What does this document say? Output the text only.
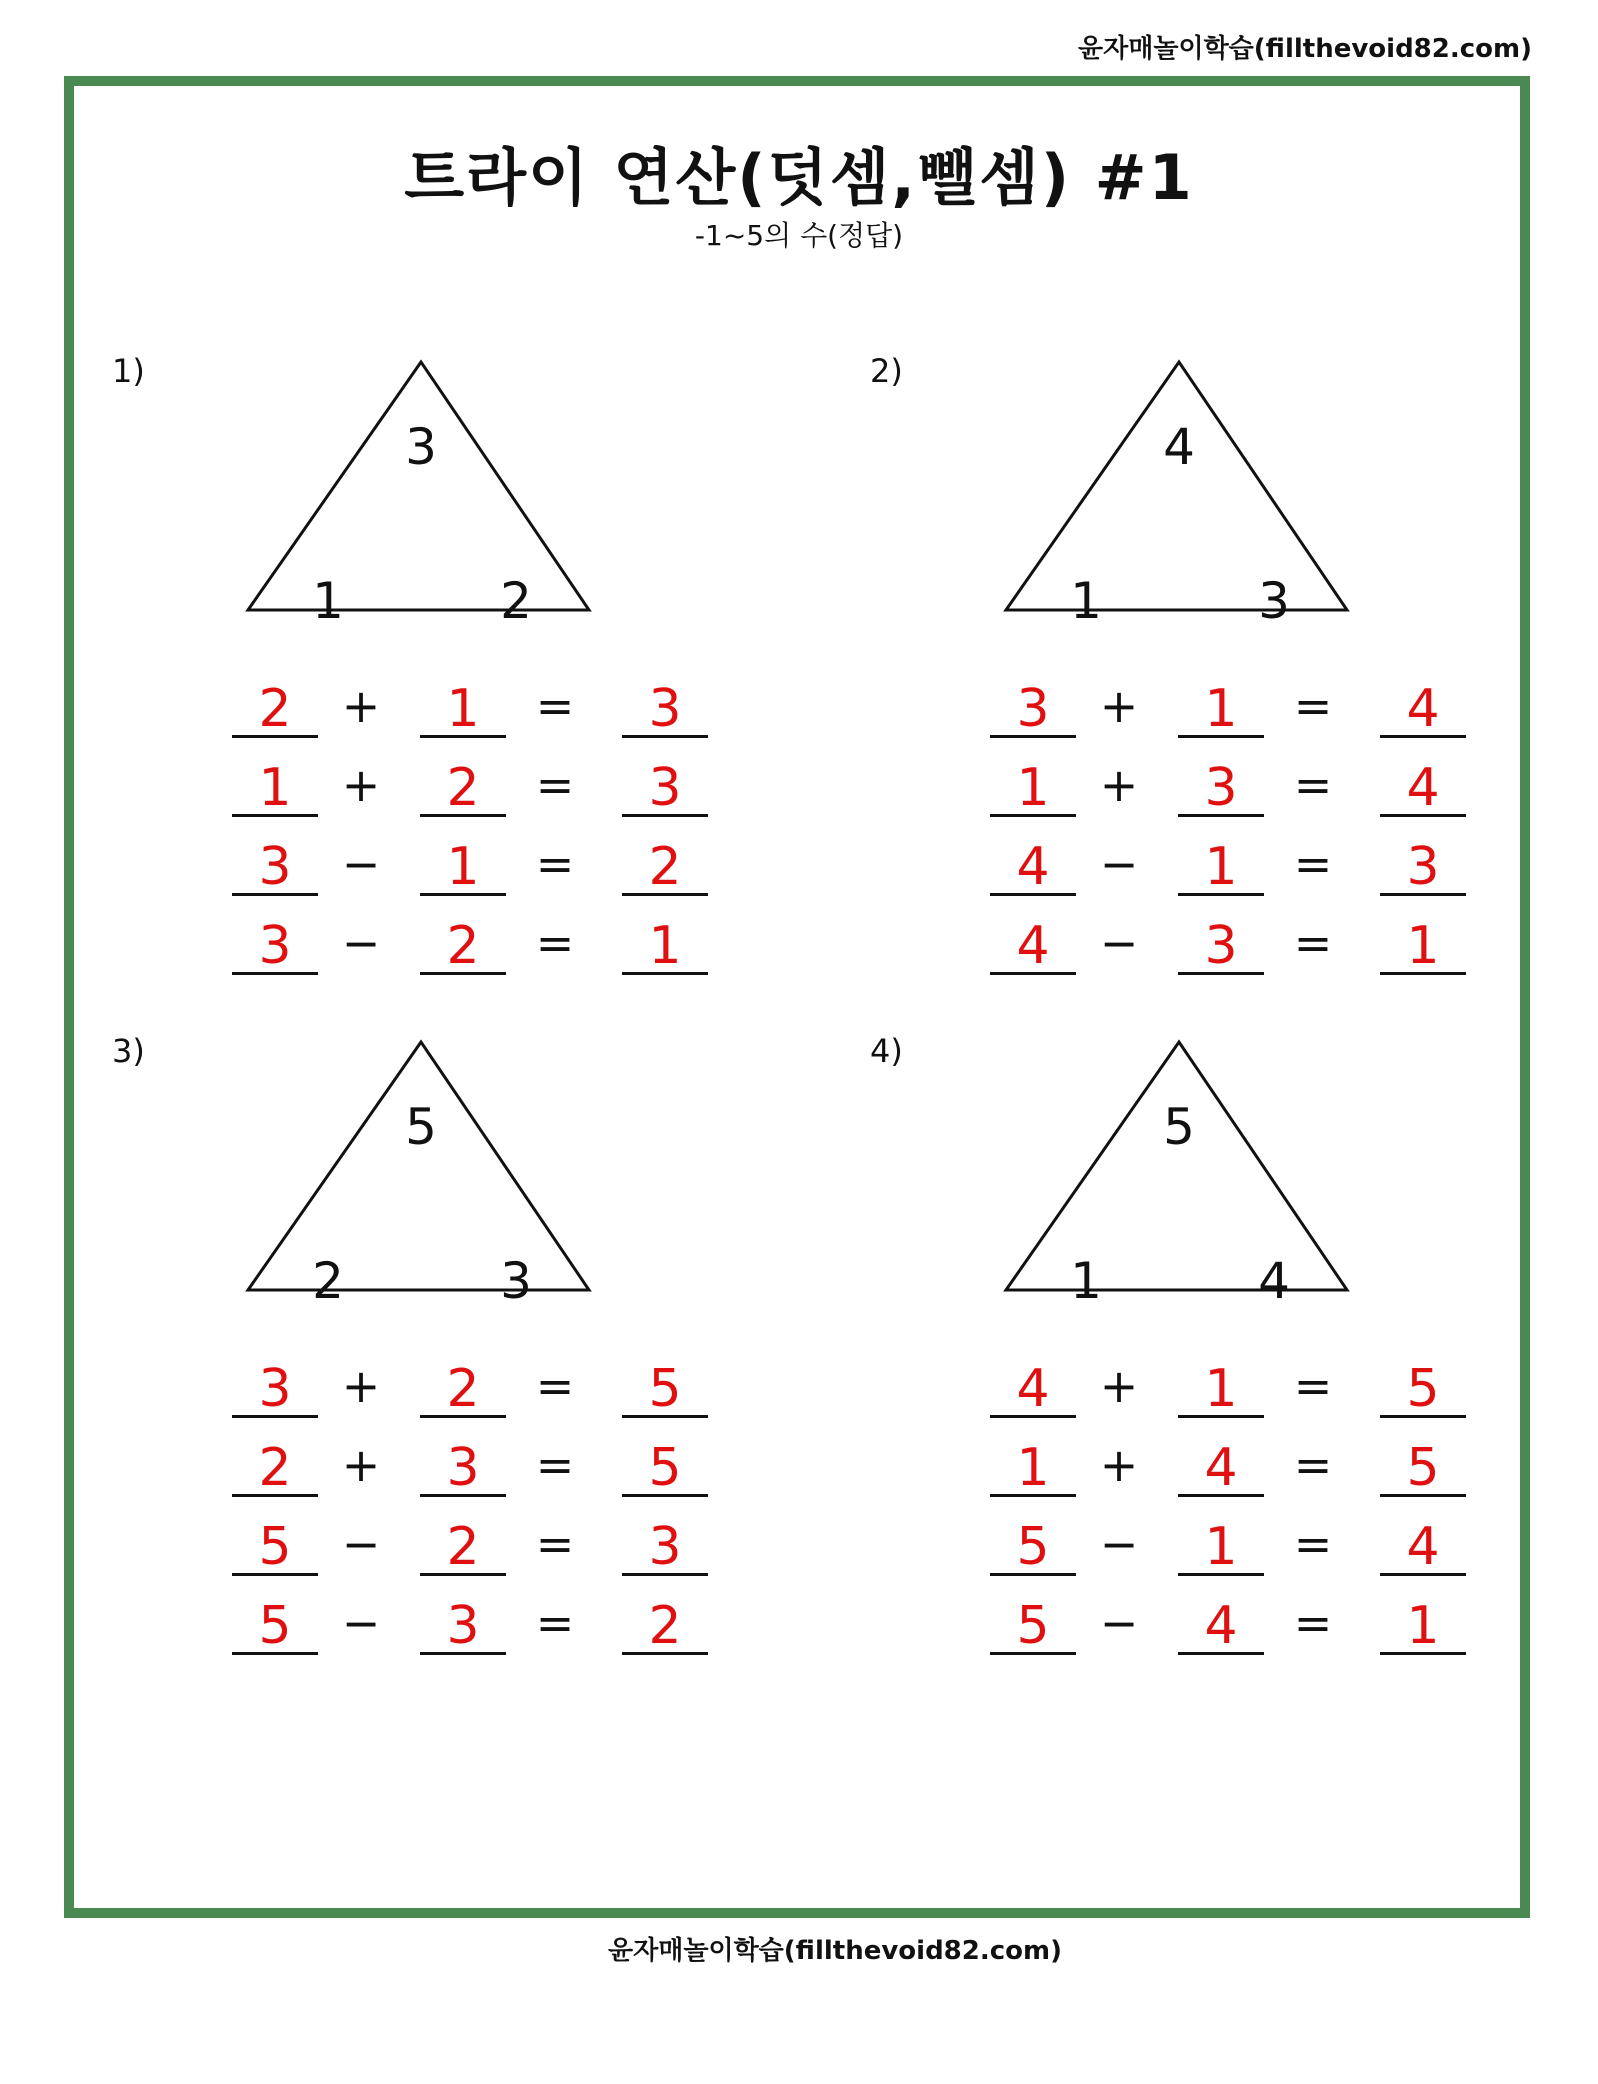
윤자매놀이학습(fillthevoid82.com)
트라이 연산(덧셈,뺄셈) #1
-1~5의 수(정답)
1)
3
1	2
2	+	1	=	3
1	+	2	=	3
3	−	1	=	2
3	−	2	=	1
2)
4
1	3
3	+	1	=	4
1	+	3	=	4
4	−	1	=	3
4	−	3	=	1
3)
5
2	3
3	+	2	=	5
2	+	3	=	5
5	−	2	=	3
5	−	3	=	2
4)
5
1	4
4	+	1	=	5
1	+	4	=	5
5	−	1	=	4
5	−	4	=	1
윤자매놀이학습(fillthevoid82.com)
